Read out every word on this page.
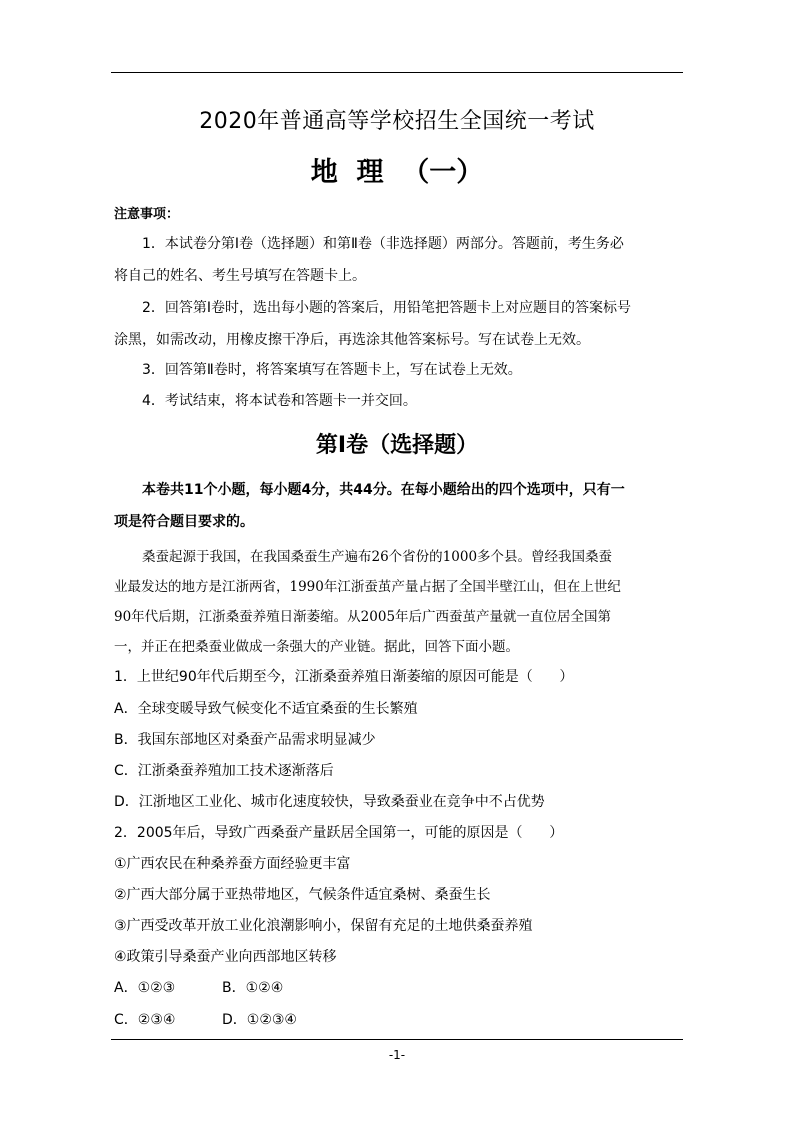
2020年普通高等学校招生全国统一考试
地  理  （一）
注意事项：
1．本试卷分第Ⅰ卷（选择题）和第Ⅱ卷（非选择题）两部分。答题前，考生务必
将自己的姓名、考生号填写在答题卡上。
2．回答第Ⅰ卷时，选出每小题的答案后，用铅笔把答题卡上对应题目的答案标号
涂黑，如需改动，用橡皮擦干净后，再选涂其他答案标号。写在试卷上无效。
3．回答第Ⅱ卷时，将答案填写在答题卡上，写在试卷上无效。
4．考试结束，将本试卷和答题卡一并交回。
第Ⅰ卷（选择题）
本卷共11个小题，每小题4分，共44分。在每小题给出的四个选项中，只有一
项是符合题目要求的。
桑蚕起源于我国，在我国桑蚕生产遍布26个省份的1000多个县。曾经我国桑蚕
业最发达的地方是江浙两省，1990年江浙蚕茧产量占据了全国半壁江山，但在上世纪
90年代后期，江浙桑蚕养殖日渐萎缩。从2005年后广西蚕茧产量就一直位居全国第
一，并正在把桑蚕业做成一条强大的产业链。据此，回答下面小题。
1．上世纪90年代后期至今，江浙桑蚕养殖日渐萎缩的原因可能是（      ）
A．全球变暖导致气候变化不适宜桑蚕的生长繁殖
B．我国东部地区对桑蚕产品需求明显减少
C．江浙桑蚕养殖加工技术逐渐落后
D．江浙地区工业化、城市化速度较快，导致桑蚕业在竞争中不占优势
2．2005年后，导致广西桑蚕产量跃居全国第一，可能的原因是（      ）
①广西农民在种桑养蚕方面经验更丰富
②广西大部分属于亚热带地区，气候条件适宜桑树、桑蚕生长
③广西受改革开放工业化浪潮影响小，保留有充足的土地供桑蚕养殖
④政策引导桑蚕产业向西部地区转移
A．①②③	B．①②④
C．②③④	D．①②③④
-1-
